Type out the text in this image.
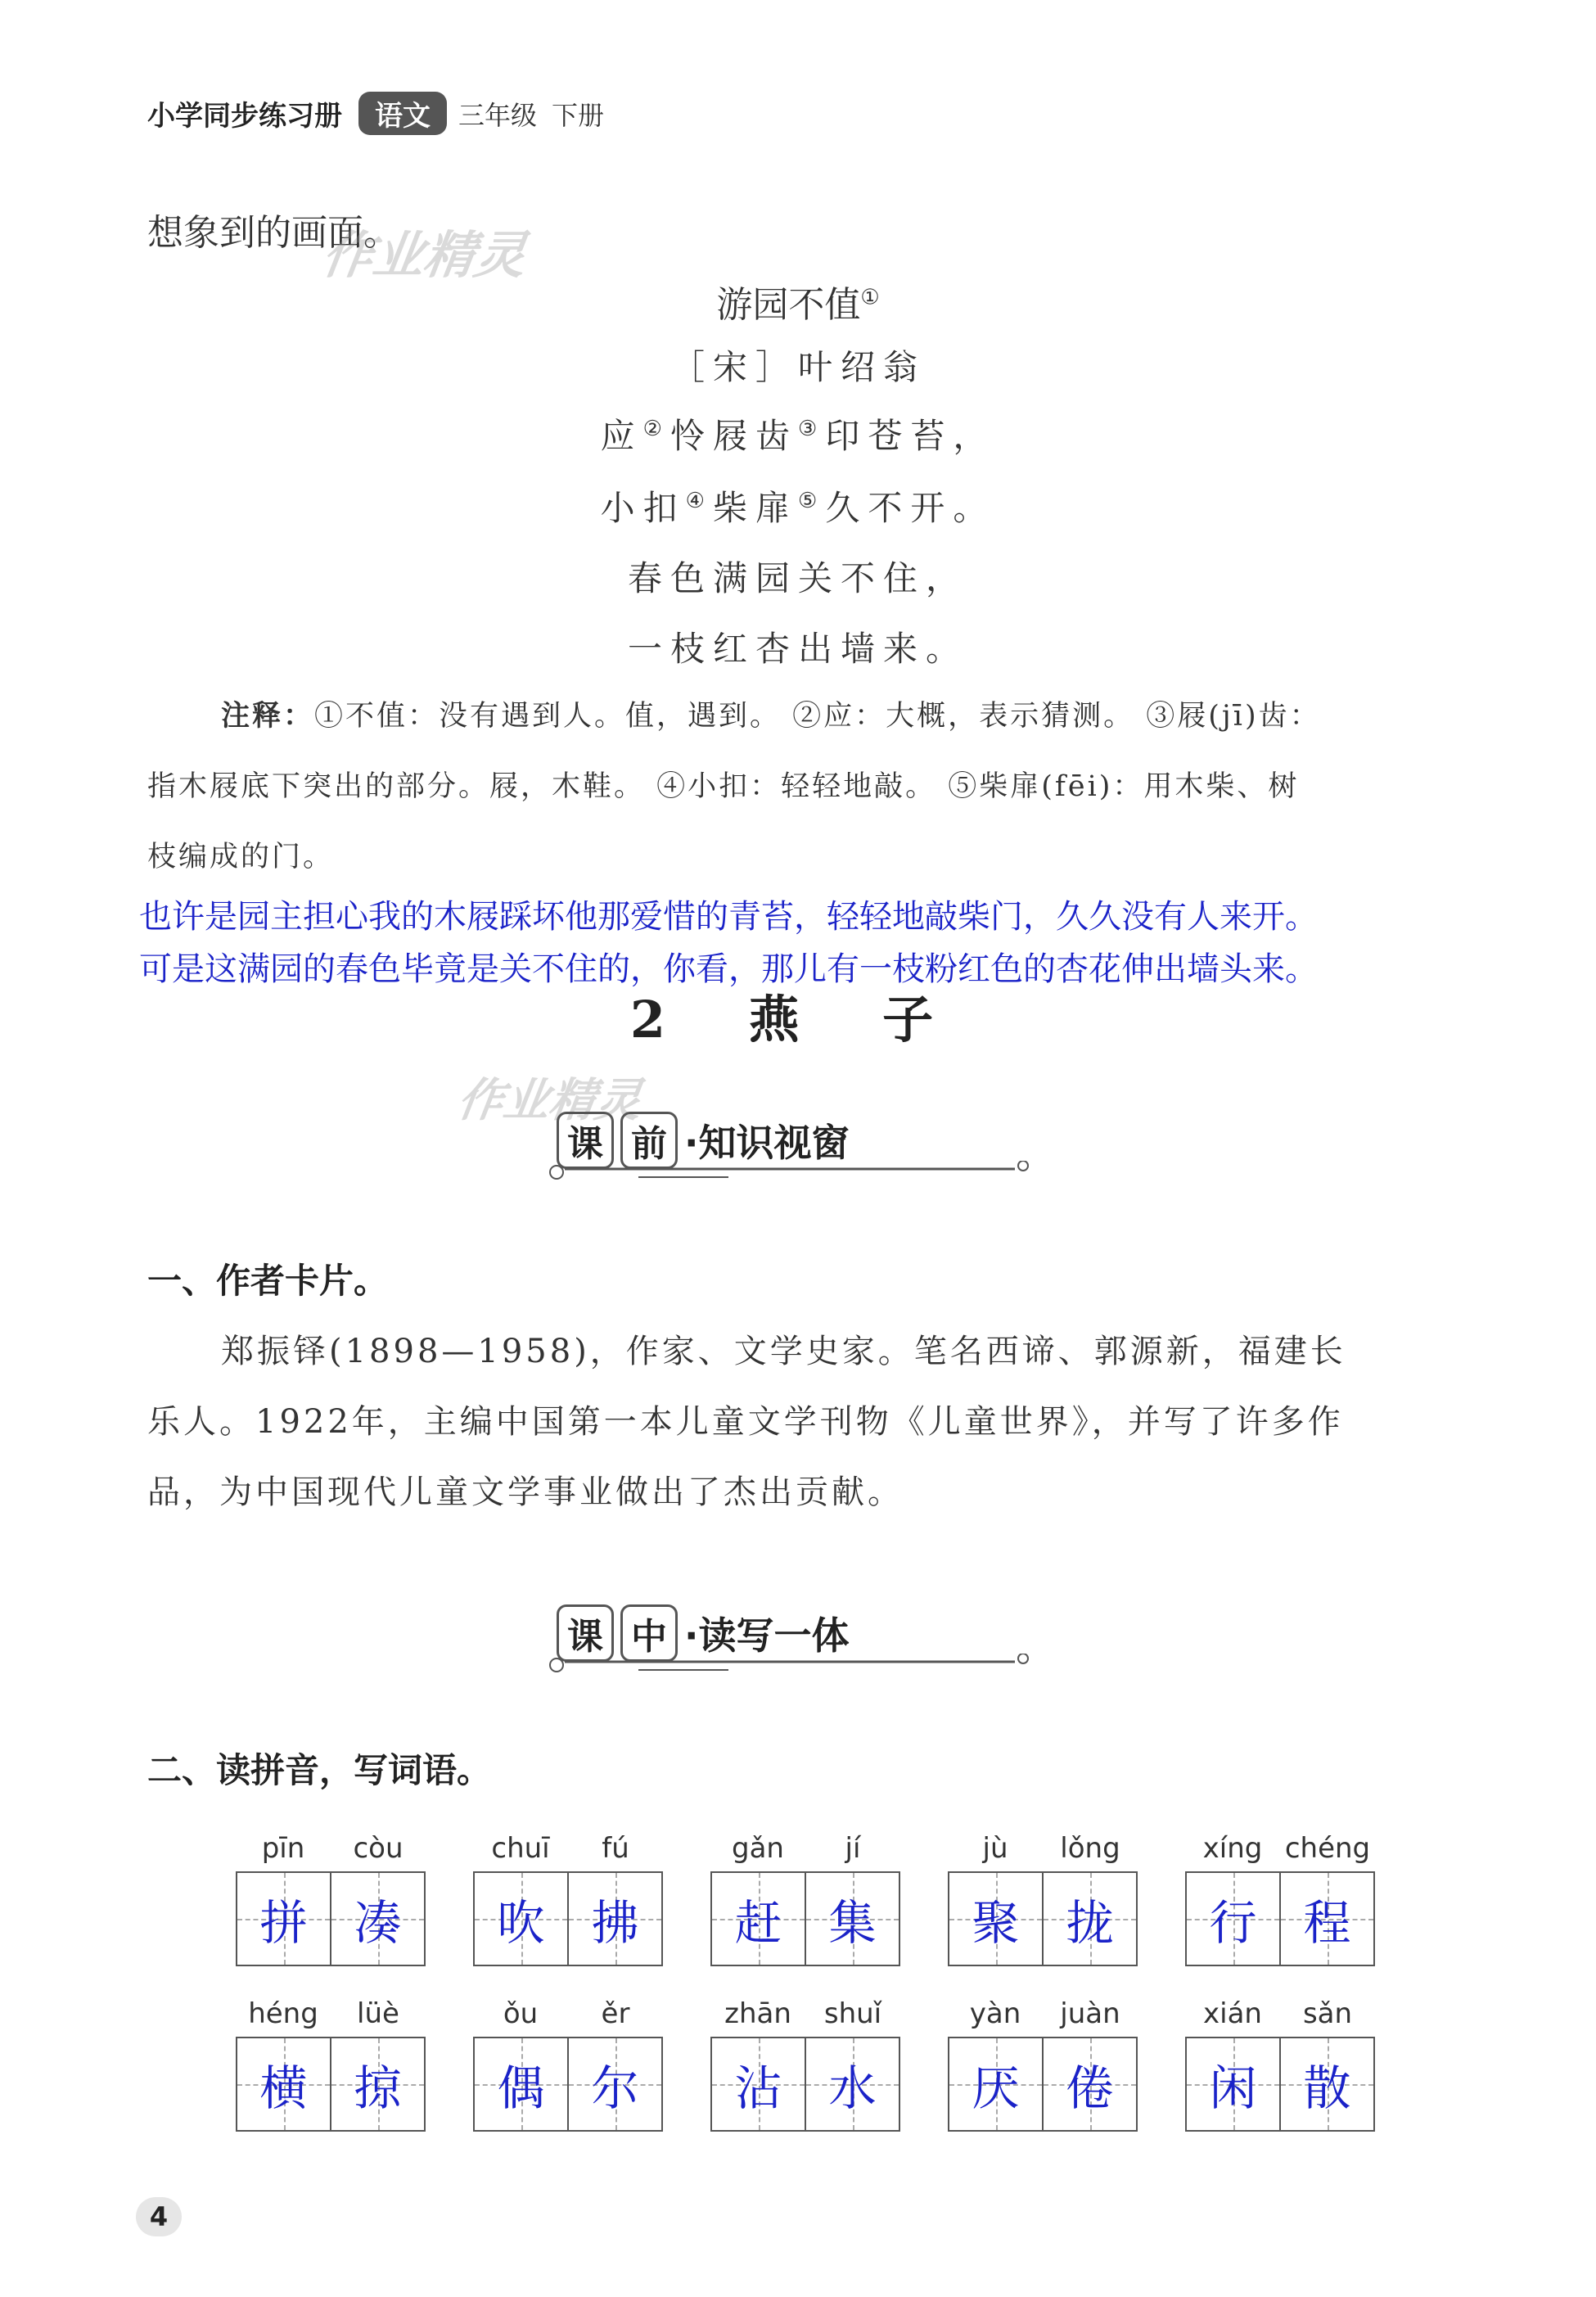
小学同步练习册	语文	三年级 下册
想象到的画面。
作业精灵
游园不值①
［宋］叶绍翁
应②怜屐齿③印苍苔，
小扣④柴扉⑤久不开。
春色满园关不住，
一枝红杏出墙来。
注释：①不值：没有遇到人。值，遇到。 ②应：大概，表示猜测。 ③屐(jī)齿：
指木屐底下突出的部分。屐，木鞋。 ④小扣：轻轻地敲。 ⑤柴扉(fēi)：用木柴、树
枝编成的门。
也许是园主担心我的木屐踩坏他那爱惜的青苔，轻轻地敲柴门，久久没有人来开。
可是这满园的春色毕竟是关不住的，你看，那儿有一枝粉红色的杏花伸出墙头来。
2 燕 子
作业精灵
课 前 ·知识视窗
一、作者卡片。
郑振铎(1898—1958)，作家、文学史家。笔名西谛、郭源新，福建长
乐人。1922年，主编中国第一本儿童文学刊物《儿童世界》，并写了许多作
品，为中国现代儿童文学事业做出了杰出贡献。
课 中 ·读写一体
二、读拼音，写词语。
pīn	còu
拼 凑
chuī	fú
吹 拂
gǎn	jí
赶 集
jù	lǒng
聚 拢
xíng chéng
行 程
héng	lüè
横 掠
ǒu	ěr
偶 尔
zhān	shuǐ
沾 水
yàn	juàn
厌 倦
xián	sǎn
闲 散
4
